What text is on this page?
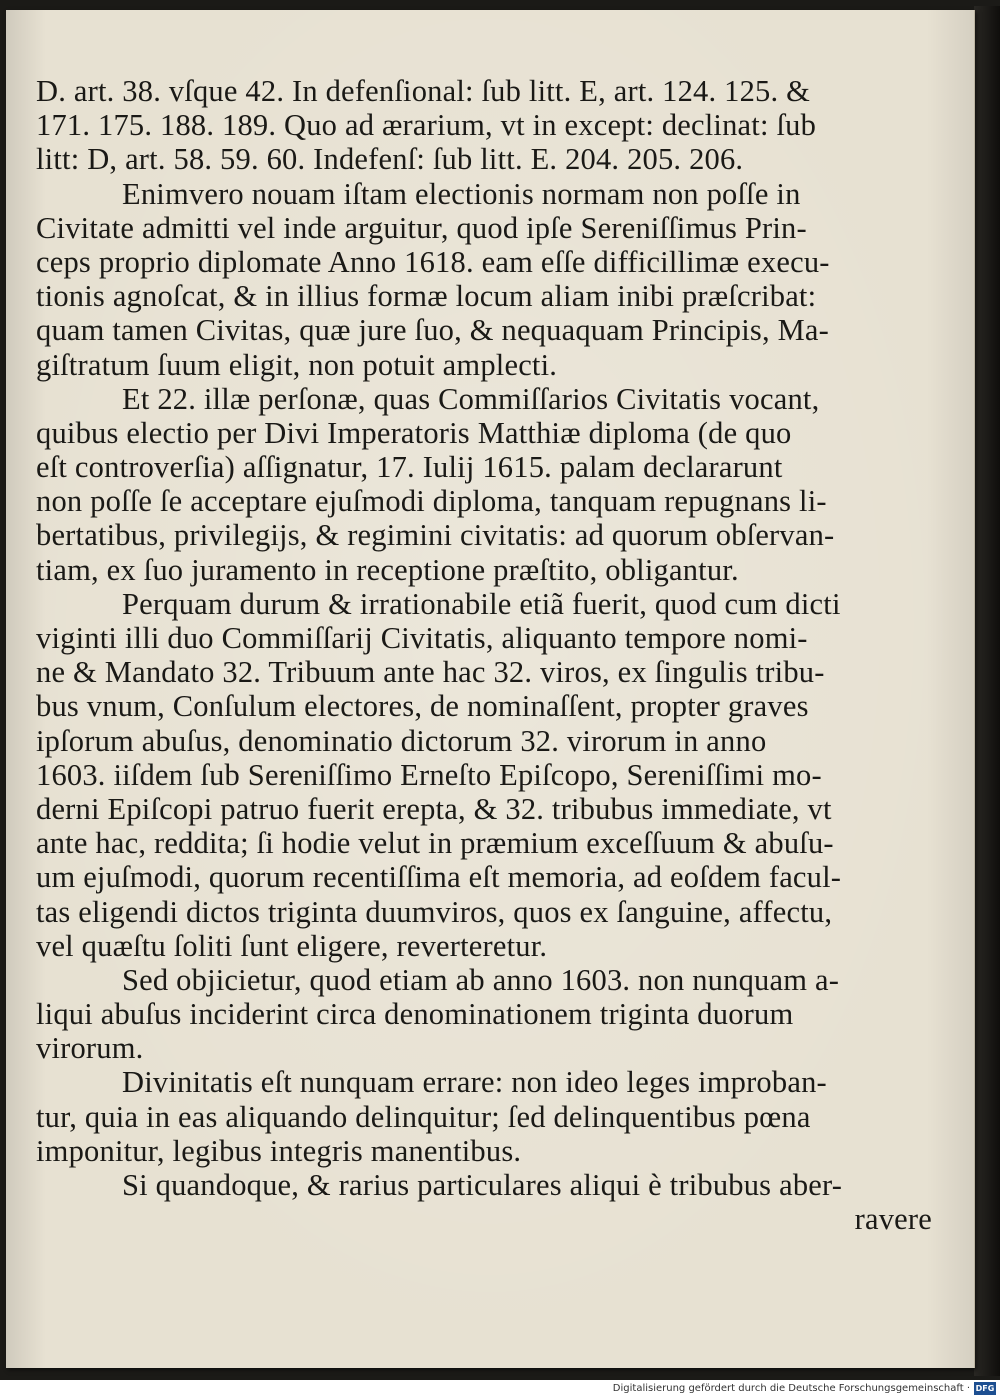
D. art. 38. vſque 42. In defenſional: ſub litt. E, art. 124. 125. &
171. 175. 188. 189. Quo ad ærarium, vt in except: declinat: ſub
litt: D, art. 58. 59. 60. Indefenſ: ſub litt. E. 204. 205. 206.
Enimvero nouam iſtam electionis normam non poſſe in
Civitate admitti vel inde arguitur, quod ipſe Sereniſſimus Prin-
ceps proprio diplomate Anno 1618. eam eſſe difficillimæ execu-
tionis agnoſcat, & in illius formæ locum aliam inibi præſcribat:
quam tamen Civitas, quæ jure ſuo, & nequaquam Principis, Ma-
giſtratum ſuum eligit, non potuit amplecti.
Et 22. illæ perſonæ, quas Commiſſarios Civitatis vocant,
quibus electio per Divi Imperatoris Matthiæ diploma (de quo
eſt controverſia) aſſignatur, 17. Iulij 1615. palam declararunt
non poſſe ſe acceptare ejuſmodi diploma, tanquam repugnans li-
bertatibus, privilegijs, & regimini civitatis: ad quorum obſervan-
tiam, ex ſuo juramento in receptione præſtito, obligantur.
Perquam durum & irrationabile etiã fuerit, quod cum dicti
viginti illi duo Commiſſarij Civitatis, aliquanto tempore nomi-
ne & Mandato 32. Tribuum ante hac 32. viros, ex ſingulis tribu-
bus vnum, Conſulum electores, de nominaſſent, propter graves
ipſorum abuſus, denominatio dictorum 32. virorum in anno
1603. iiſdem ſub Sereniſſimo Erneſto Epiſcopo, Sereniſſimi mo-
derni Epiſcopi patruo fuerit erepta, & 32. tribubus immediate, vt
ante hac, reddita; ſi hodie velut in præmium exceſſuum & abuſu-
um ejuſmodi, quorum recentiſſima eſt memoria, ad eoſdem facul-
tas eligendi dictos triginta duumviros, quos ex ſanguine, affectu,
vel quæſtu ſoliti ſunt eligere, reverteretur.
Sed objicietur, quod etiam ab anno 1603. non nunquam a-
liqui abuſus inciderint circa denominationem triginta duorum
virorum.
Divinitatis eſt nunquam errare: non ideo leges improban-
tur, quia in eas aliquando delinquitur; ſed delinquentibus pœna
imponitur, legibus integris manentibus.
Si quandoque, & rarius particulares aliqui è tribubus aber-
ravere
Digitalisierung gefördert durch die Deutsche Forschungsgemeinschaft · DFG
